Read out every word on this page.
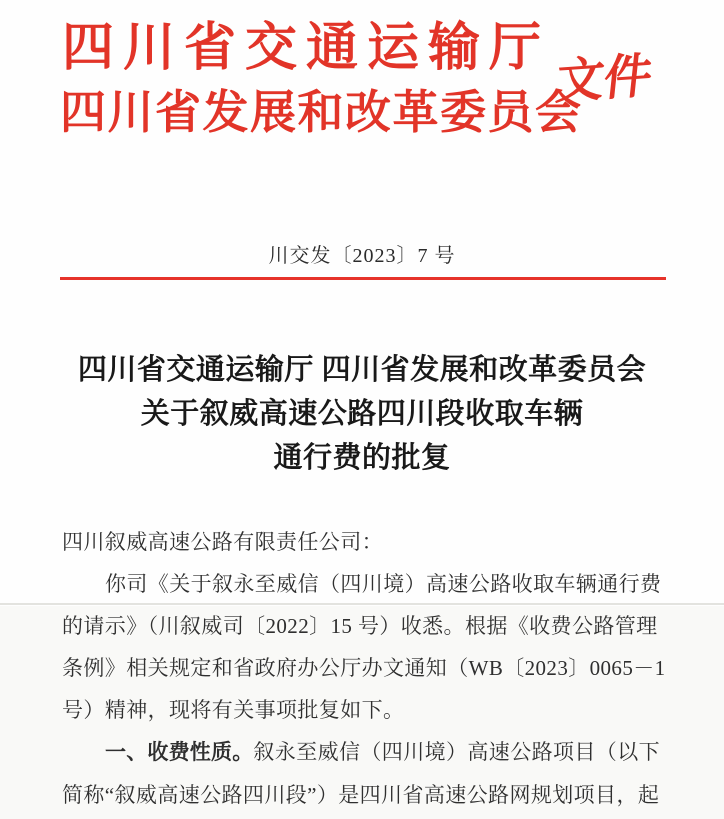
四川省交通运输厅
四川省发展和改革委员会
文件
川交发〔2023〕7 号
四川省交通运输厅 四川省发展和改革委员会
关于叙威高速公路四川段收取车辆
通行费的批复
四川叙威高速公路有限责任公司：
你司《关于叙永至威信（四川境）高速公路收取车辆通行费
的请示》（川叙威司〔2022〕15 号）收悉。根据《收费公路管理
条例》相关规定和省政府办公厅办文通知（WB〔2023〕0065－1
号）精神，现将有关事项批复如下。
一、收费性质。叙永至威信（四川境）高速公路项目（以下
简称“叙威高速公路四川段”）是四川省高速公路网规划项目，起
